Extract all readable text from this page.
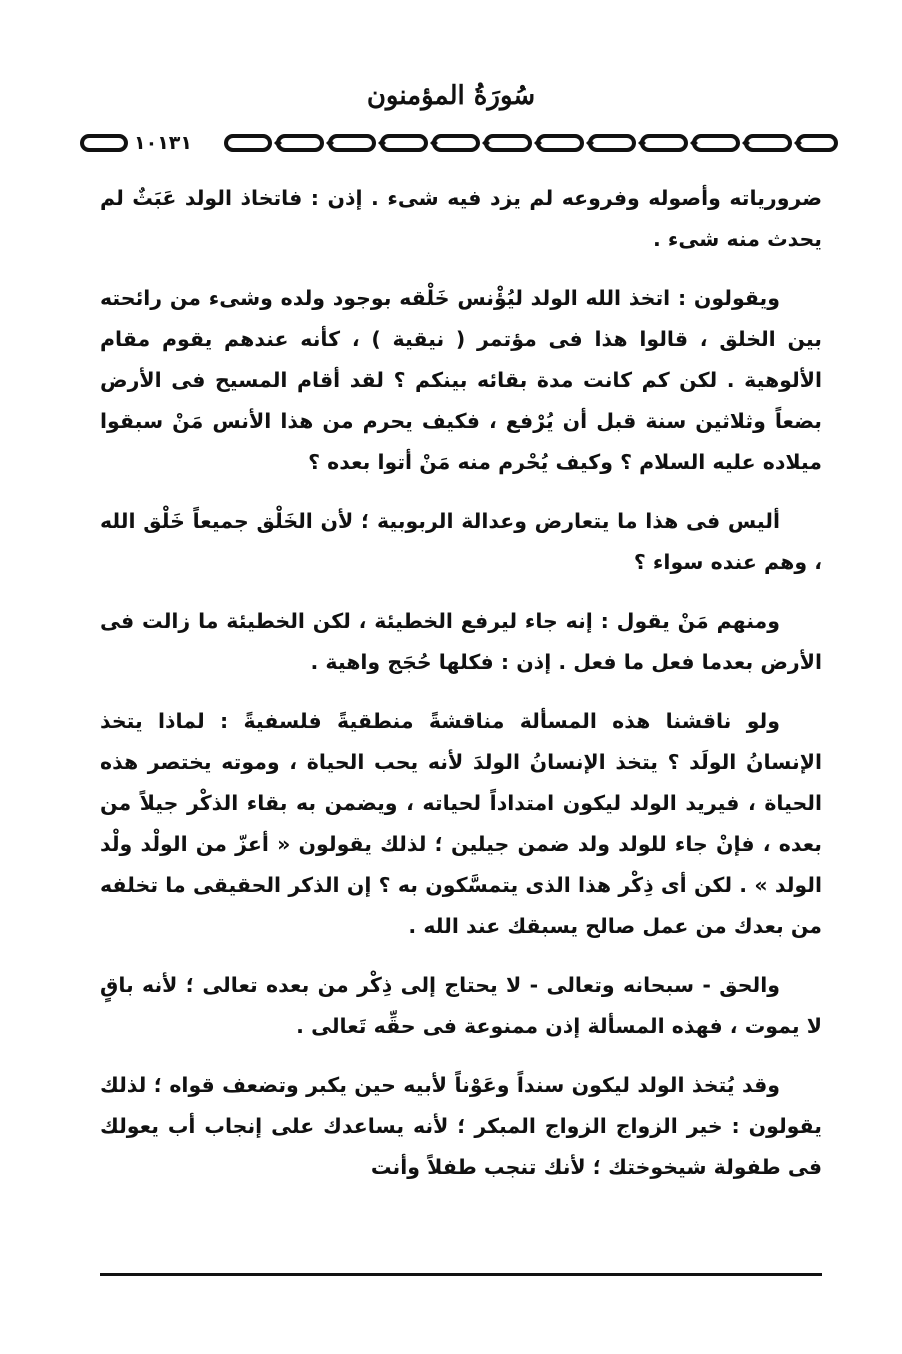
سُورَةُ المؤمنون
١٠١٣١

ضرورياته وأصوله وفروعه لم يزد فيه شىء . إذن : فاتخاذ الولد عَبَثٌ لم يحدث منه شىء .

ويقولون : اتخذ الله الولد ليُؤْنس خَلْقه بوجود ولده وشىء من رائحته بين الخلق ، قالوا هذا فى مؤتمر ( نيقية ) ، كأنه عندهم يقوم مقام الألوهية . لكن كم كانت مدة بقائه بينكم ؟ لقد أقام المسيح فى الأرض بضعاً وثلاثين سنة قبل أن يُرْفع ، فكيف يحرم من هذا الأنس مَنْ سبقوا ميلاده عليه السلام ؟ وكيف يُحْرم منه مَنْ أتوا بعده ؟

أليس فى هذا ما يتعارض وعدالة الربوبية ؛ لأن الخَلْق جميعاً خَلْق الله ، وهم عنده سواء ؟

ومنهم مَنْ يقول : إنه جاء ليرفع الخطيئة ، لكن الخطيئة ما زالت فى الأرض بعدما فعل ما فعل . إذن : فكلها حُجَج واهية .

ولو ناقشنا هذه المسألة مناقشةً منطقيةً فلسفيةً : لماذا يتخذ الإنسانُ الولَد ؟ يتخذ الإنسانُ الولدَ لأنه يحب الحياة ، وموته يختصر هذه الحياة ، فيريد الولد ليكون امتداداً لحياته ، ويضمن به بقاء الذكْر جيلاً من بعده ، فإنْ جاء للولد ولد ضمن جيلين ؛ لذلك يقولون « أعزّ من الولْد ولْد الولد » . لكن أى ذِكْر هذا الذى يتمسَّكون به ؟ إن الذكر الحقيقى ما تخلفه من بعدك من عمل صالح يسبقك عند الله .

والحق - سبحانه وتعالى - لا يحتاج إلى ذِكْر من بعده تعالى ؛ لأنه باقٍ لا يموت ، فهذه المسألة إذن ممنوعة فى حقِّه تَعالى .

وقد يُتخذ الولد ليكون سنداً وعَوْناً لأبيه حين يكبر وتضعف قواه ؛ لذلك يقولون : خير الزواج الزواج المبكر ؛ لأنه يساعدك على إنجاب أب يعولك فى طفولة شيخوختك ؛ لأنك تنجب طفلاً وأنت
